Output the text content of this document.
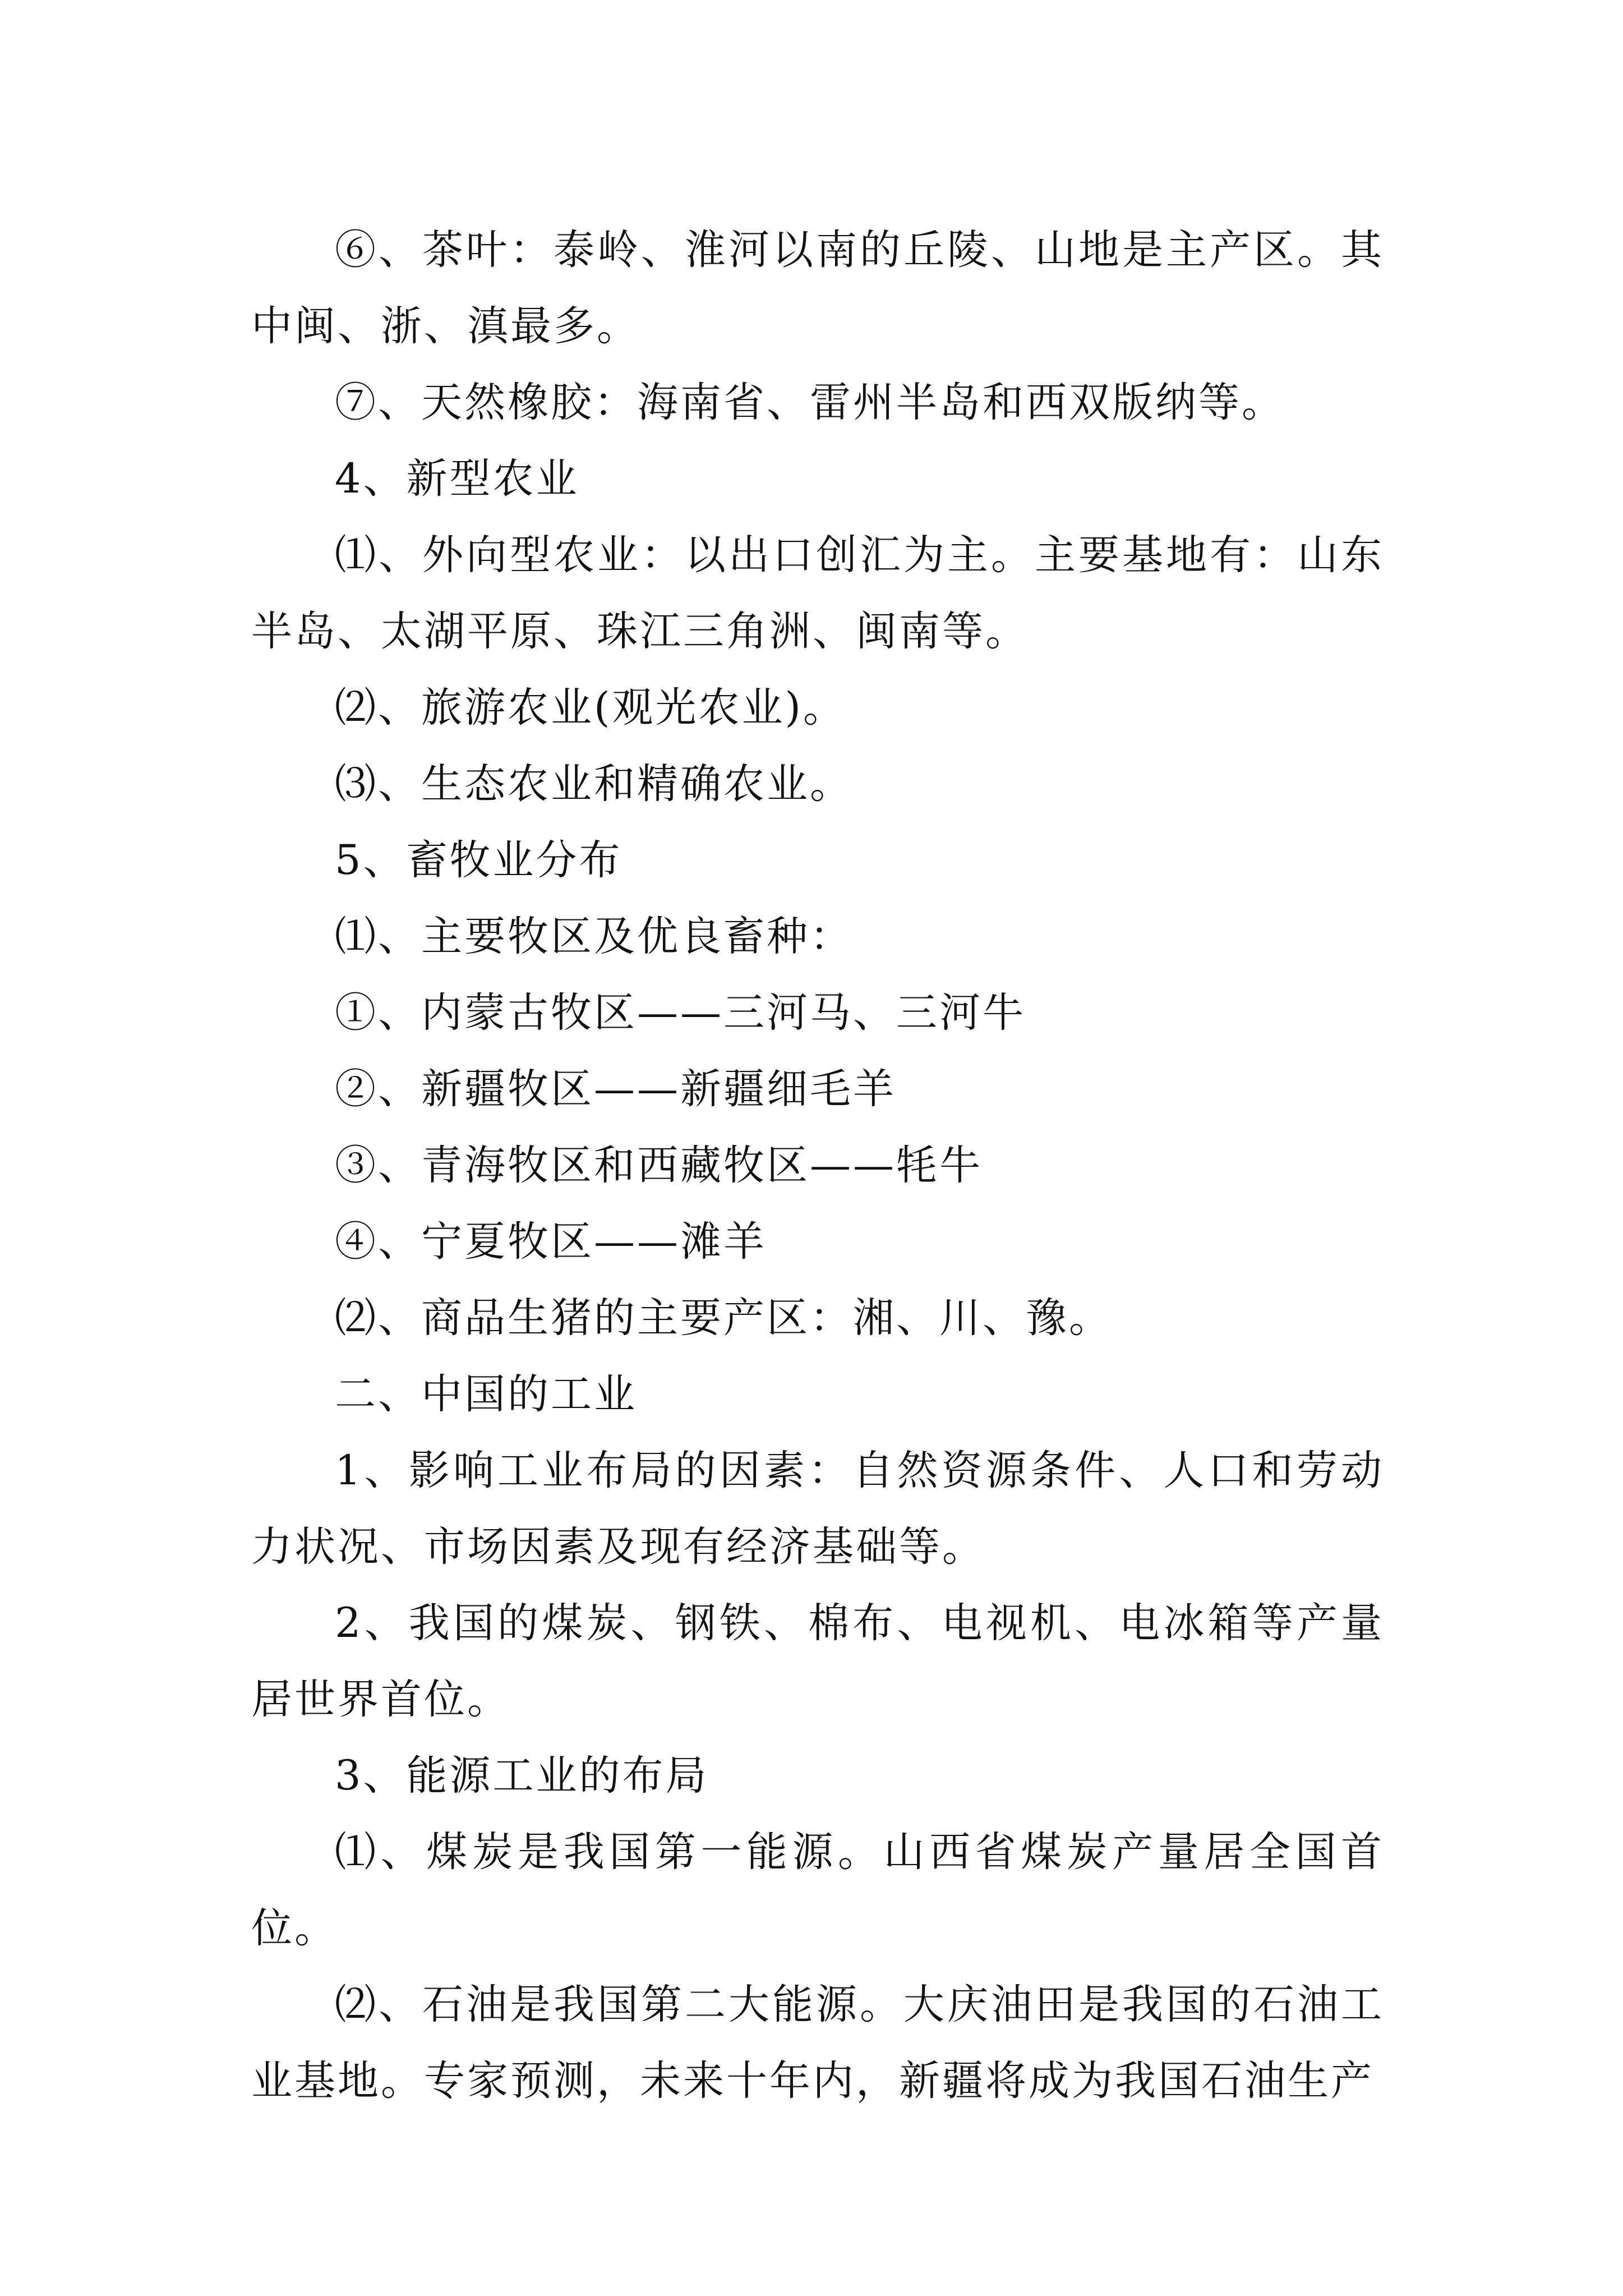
⑥、茶叶：泰岭、淮河以南的丘陵、山地是主产区。其中闽、浙、滇最多。

⑦、天然橡胶：海南省、雷州半岛和西双版纳等。

4、新型农业

⑴、外向型农业：以出口创汇为主。主要基地有：山东半岛、太湖平原、珠江三角洲、闽南等。

⑵、旅游农业(观光农业)。

⑶、生态农业和精确农业。

5、畜牧业分布

⑴、主要牧区及优良畜种：

①、内蒙古牧区——三河马、三河牛

②、新疆牧区——新疆细毛羊

③、青海牧区和西藏牧区——牦牛

④、宁夏牧区——滩羊

⑵、商品生猪的主要产区：湘、川、豫。

二、中国的工业

1、影响工业布局的因素：自然资源条件、人口和劳动力状况、市场因素及现有经济基础等。

2、我国的煤炭、钢铁、棉布、电视机、电冰箱等产量居世界首位。

3、能源工业的布局

⑴、煤炭是我国第一能源。山西省煤炭产量居全国首位。

⑵、石油是我国第二大能源。大庆油田是我国的石油工业基地。专家预测，未来十年内，新疆将成为我国石油生产
